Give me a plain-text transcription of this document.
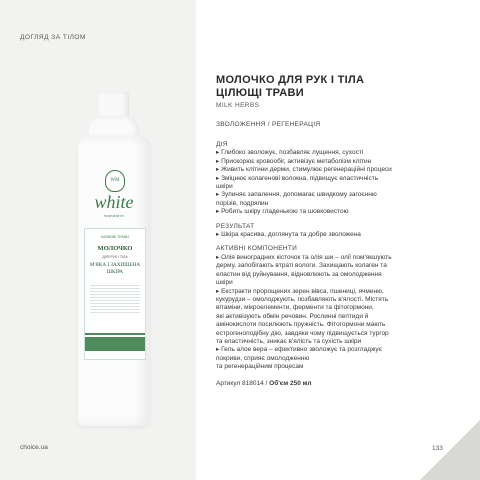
ДОГЛЯД ЗА ТІЛОМ
WM
white
mandarin
КАЗКОВІ ТРАВИ
МОЛОЧКО
ДЛЯ РУК І ТІЛА
М'ЯКА І ЗАХИЩЕНА ШКІРА
МОЛОЧКО ДЛЯ РУК І ТІЛА
ЦІЛЮЩІ ТРАВИ
MILK HERBS
ЗВОЛОЖЕННЯ / РЕГЕНЕРАЦІЯ
ДІЯ
▸ Глибоко зволожує, позбавляє лущення, сухості
▸ Прискорює кровообіг, активізує метаболізм клітин
▸ Живить клітини дерми, стимулює регенераційні процеси
▸ Зміцнює колагенові волокна, підвищує еластичність
шкіри
▸ Зупиняє запалення, допомагає швидкому загоєнню
порізів, подряпин
▸ Робить шкіру гладенькою та шовковистою
РЕЗУЛЬТАТ
▸ Шкіра красива, доглянута та добре зволожена
АКТИВНІ КОМПОНЕНТИ
▸ Олія виноградних кісточок та олія ши – олії пом'якшують
дерму, запобігають втраті вологи. Захищають колаген та
еластин від руйнування, відновлюють за омолодження
шкіри
▸ Екстракти пророщених зерен вівса, пшениці, ячменю,
кукурудзи – омолоджують, позбавляють в'ялості. Містять
вітаміни, мікроелементи, ферменти та фітогормони,
які активізують обмін речовин. Рослинні пептиди й
амінокислоти посилюють пружність. Фітогормони мають
естрогеноподібну дію, завдяки чому підвищується тургор
та еластичність, зникає в'ялість та сухість шкіри
▸ Гель алое вера – ефективно зволожує та розгладжує
покриви, сприяє омолодженню
та регенераційним процесам
Артикул 818014 / Об'єм 250 мл
choice.ua	133
